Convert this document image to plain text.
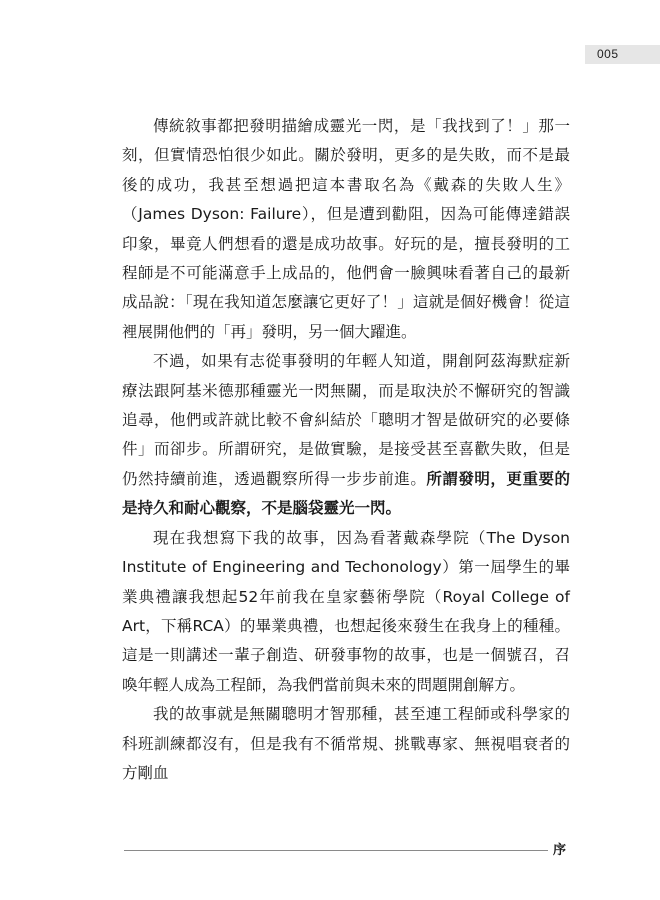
005

傳統敘事都把發明描繪成靈光一閃，是「我找到了！」那一刻，但實情恐怕很少如此。關於發明，更多的是失敗，而不是最後的成功，我甚至想過把這本書取名為《戴森的失敗人生》（James Dyson: Failure），但是遭到勸阻，因為可能傳達錯誤印象，畢竟人們想看的還是成功故事。好玩的是，擅長發明的工程師是不可能滿意手上成品的，他們會一臉興味看著自己的最新成品說：「現在我知道怎麼讓它更好了！」這就是個好機會！從這裡展開他們的「再」發明，另一個大躍進。

不過，如果有志從事發明的年輕人知道，開創阿茲海默症新療法跟阿基米德那種靈光一閃無關，而是取決於不懈研究的智識追尋，他們或許就比較不會糾結於「聰明才智是做研究的必要條件」而卻步。所謂研究，是做實驗，是接受甚至喜歡失敗，但是仍然持續前進，透過觀察所得一步步前進。所謂發明，更重要的是持久和耐心觀察，不是腦袋靈光一閃。

現在我想寫下我的故事，因為看著戴森學院（The Dyson Institute of Engineering and Techonology）第一屆學生的畢業典禮讓我想起52年前我在皇家藝術學院（Royal College of Art，下稱RCA）的畢業典禮，也想起後來發生在我身上的種種。這是一則講述一輩子創造、研發事物的故事，也是一個號召，召喚年輕人成為工程師，為我們當前與未來的問題開創解方。

我的故事就是無關聰明才智那種，甚至連工程師或科學家的科班訓練都沒有，但是我有不循常規、挑戰專家、無視唱衰者的方剛血

序
